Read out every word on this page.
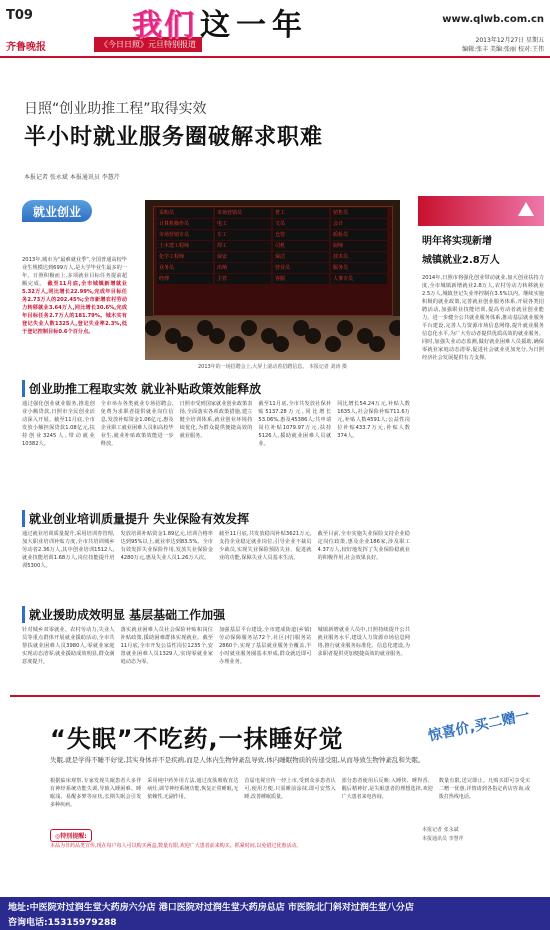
T09
齐鲁晚报	《今日日照》元旦特别报道
我们 这一年	www.qlwb.com.cn
2013年12月27日 星期五
编辑:张丰 美编:张丽 校对:王伟
日照“创业助推工程”取得实效
半小时就业服务圈破解求职难
本报记者 张永斌 本报通讯员 李慧芹
就业创业
2013年,城市为“最难就业季”,全国普通高校毕业生规模达到699万人,是大学毕业生最多的一年。日照积极而上,多项就业目标任务提前超额完成。 截至11月底,全市城镇新增就业5.32万人,同比增长22.99%,完成年目标任务2.73万人的202.45%;全市新增农村劳动力转移就业3.64万人,同比增长30.6%,完成年目标任务2.7万人的181.79%。城木实有登记失业人数1325人,登记失业率2.3%,低于登记控制目标0.6个百分点。
采购员	市场营销员	普工	销售员
计算机操作员	电工	文员	会计
市场营销专员	车工	仓管	质检员
土木建工程师	焊工	司机	厨师
化学工程师	保安	保洁	技术员
业务员	出纳	营业员	服务员
经理	主管	客服	人事专员
2013年的一场招聘会上,大屏上滚动着招聘信息。 本报记者 刘涛 摄
创业助推工程取实效 就业补贴政策效能释放
通过强化创业就业服务,推进创业小额贷款,日照市全民创业活动深入开展。截至11月底,全市发放小额担保贷款1.08亿元,扶持创业3245人,带动就业10382人。
全市举办各类就业专场招聘会,免费为求职者提供就业岗位信息,发放补贴资金1.06亿元,惠及企业职工就业困难人员和高校毕业生,就业补贴政策效能进一步释放。
日照市受到国家就业创业政策表扬,全面落实各项政策措施,建立健全培训体系,就业创业环境持续优化,为群众提供便捷高效的就业服务。
截至11月底,全市共发放社保补贴5137.28万元,同比增长53.06%,惠及45386人;共申请岗位补贴1079.97万元,扶持5126人,援助就业困难人员就业。
同比增长54.24万元,补贴人数1635人,社会保险补贴711.6万元,补贴人数4591人;公益性岗位补贴433.7万元,补贴人数374人。
就业创业培训质量提升 失业保险有效发挥
通过就业培训质量提升,采用培训券管理,加大职业培训补贴力度,全市共培训城乡劳动者2.36万人,其中创业培训1512人,就业技能培训1.68万人,岗位技能提升培训5300人。
发放培训补贴资金1.89亿元,培训合格率达到95%以上,就业率达到83.5%。全市有效发挥失业保险作用,发放失业保险金4280万元,惠及失业人员1.26万人次。
截至11月底,共发放稳岗补贴3621万元,支持企业稳定就业岗位,引导企业不裁员少裁员,实现失业保险预防失业、促进就业的功能,保障失业人员基本生活。
截至目前,全市实施失业保险支持企业稳定岗位政策,惠及企业186家,涉及职工4.37万人,较好地发挥了失业保险稳就业的积极作用,社会效果良好。
就业援助成效明显 基层基础工作加强
针对城乡双零就业、农村劳动力,失业人员等重点群体开展就业援助活动,全市共帮扶就业困难人员3980人,零就业家庭实现动态清零,就业援助成效明显,群众满意度提升。
落实就业困难人员社会保险补贴和岗位补贴政策,援助困难群体实现就业。截至11月底,全市开发公益性岗位1235个,安置就业困难人员1329人,实现零就业家庭动态为零。
加强基层平台建设,全市建成街道(乡镇)劳动保障服务站72个,社区(村)服务站2860个,实现了基层就业服务全覆盖,半小时就业服务圈基本形成,群众就近即可办理业务。
城镇新增就业人员中,日照持续提升公共就业服务水平,建设人力资源市场信息网络,推行就业服务标准化、信息化建设,为求职者提供更加便捷高效的就业服务。
明年将实现新增
城镇就业2.8万人
2014年,日照市将强化创业带动就业,加大创业扶持力度,全市城镇新增就业2.8万人,农村劳动力转移就业2.5万人,城镇登记失业率控制在3.5%以内。继续实施积极的就业政策,完善就业创业服务体系,开展各类招聘活动,加强职业技能培训,提高劳动者就业创业能力。进一步健全公共就业服务体系,推动基层就业服务平台建设,完善人力资源市场信息网络,提升就业服务信息化水平,为广大劳动者提供优质高效的就业服务。同时,加强失业动态监测,做好就业困难人员援助,确保零就业家庭动态清零,促进社会就业更加充分,为日照经济社会发展提供有力支撑。
本报记者 张永斌
本报通讯员 李慧芹
“失眠”不吃药,一抹睡好觉	惊喜价,买二赠一
失眠,就是学得不睡不好觉,其实身体并不是疾病,而是人体内生物钟紊乱导致,体内睡眠物质的传递受阻,从而导致生物钟紊乱和失眠。
根据临床观察,专家发现失眠患者大多伴有神经系统功能失调,导致入睡困难、睡眠浅、易醒多梦等症状,长期失眠会引发多种疾病。
采用纯中药外用方法,通过皮肤吸收直达病灶,调节神经系统功能,恢复正常睡眠,无依赖性,无副作用。
首届电视宣传一经上市,受到众多患者认可,使用方便,只需睡前涂抹,即可安然入睡,改善睡眠质量。
部分患者使用后反映:入睡快、睡得香、醒后精神好,是失眠患者的理想选择,欢迎广大患者来电咨询。
数量有限,送完即止。凡购买即可享受买二赠一优惠,详情请到各指定药店咨询,或拨打热线电话。
◎特别提醒:
本品为非药品类宣传,现在每户每人可以购买两盒,数量有限,欢迎广大患者前来购买。抓紧时间,以免错过优惠活动。
地址:中医院对过润生堂大药房六分店 港口医院对过润生堂大药房总店 市医院北门斜对过润生堂八分店
咨询电话:15315979288
